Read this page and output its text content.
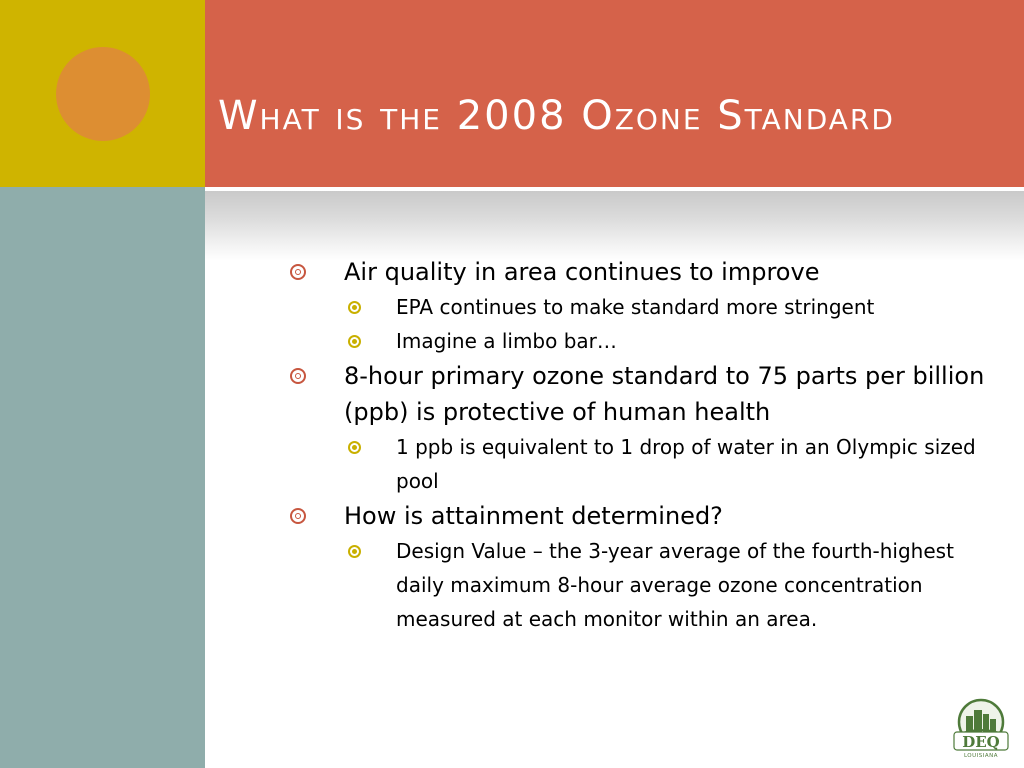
What is the 2008 Ozone Standard
Air quality in area continues to improve
EPA continues to make standard more stringent
Imagine a limbo bar…
8-hour primary ozone standard to 75 parts per billion (ppb) is protective of human health
1 ppb is equivalent to 1 drop of water in an Olympic sized pool
How is attainment determined?
Design Value – the 3-year average of the fourth-highest daily maximum 8-hour average ozone concentration measured at each monitor within an area.
DEQ
LOUISIANA
